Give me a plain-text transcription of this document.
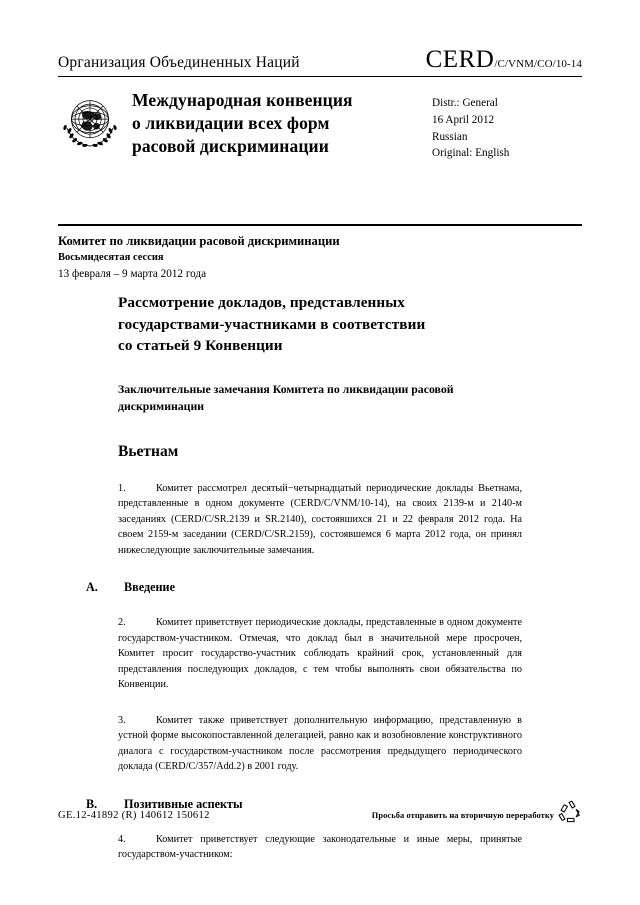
Организация Объединенных Наций	CERD /C/VNM/CO/10-14
Международная конвенция
о ликвидации всех форм
расовой дискриминации
Distr.: General
16 April 2012
Russian
Original: English
Комитет по ликвидации расовой дискриминации
Восьмидесятая сессия
13 февраля – 9 марта 2012 года
Рассмотрение докладов, представленных
государствами-участниками в соответствии
со статьей 9 Конвенции
Заключительные замечания Комитета по ликвидации расовой
дискриминации
Вьетнам

1.	Комитет рассмотрел десятый−четырнадцатый периодические доклады Вьетнама, представленные в одном документе (CERD/C/VNM/10-14), на своих 2139-м и 2140-м заседаниях (CERD/C/SR.2139 и SR.2140), состоявшихся 21 и 22 февраля 2012 года. На своем 2159-м заседании (CERD/C/SR.2159), состоявшемся 6 марта 2012 года, он принял нижеследующие заключительные замечания.

A.	Введение

2.	Комитет приветствует периодические доклады, представленные в одном документе государством-участником. Отмечая, что доклад был в значительной мере просрочен, Комитет просит государство-участник соблюдать крайний срок, установленный для представления последующих докладов, с тем чтобы выполнять свои обязательства по Конвенции.

3.	Комитет также приветствует дополнительную информацию, представленную в устной форме высокопоставленной делегацией, равно как и возобновление конструктивного диалога с государством-участником после рассмотрения предыдущего периодического доклада (CERD/C/357/Add.2) в 2001 году.

B.	Позитивные аспекты

4.	Комитет приветствует следующие законодательные и иные меры, принятые государством-участником:

GE.12-41892 (R) 140612 150612	Просьба отправить на вторичную переработку
